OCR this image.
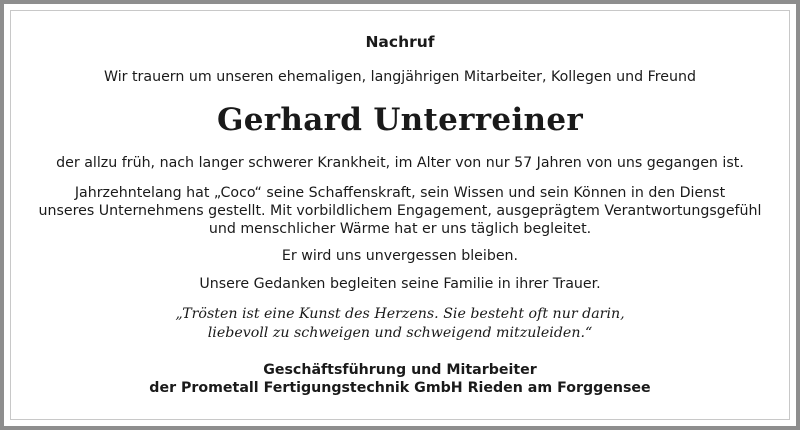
Nachruf
Wir trauern um unseren ehemaligen, langjährigen Mitarbeiter, Kollegen und Freund
Gerhard Unterreiner
der allzu früh, nach langer schwerer Krankheit, im Alter von nur 57 Jahren von uns gegangen ist.
Jahrzehntelang hat „Coco“ seine Schaffenskraft, sein Wissen und sein Können in den Dienst
unseres Unternehmens gestellt. Mit vorbildlichem Engagement, ausgeprägtem Verantwortungsgefühl
und menschlicher Wärme hat er uns täglich begleitet.
Er wird uns unvergessen bleiben.
Unsere Gedanken begleiten seine Familie in ihrer Trauer.
„Trösten ist eine Kunst des Herzens. Sie besteht oft nur darin,
liebevoll zu schweigen und schweigend mitzuleiden.“
Geschäftsführung und Mitarbeiter
der Prometall Fertigungstechnik GmbH Rieden am Forggensee
